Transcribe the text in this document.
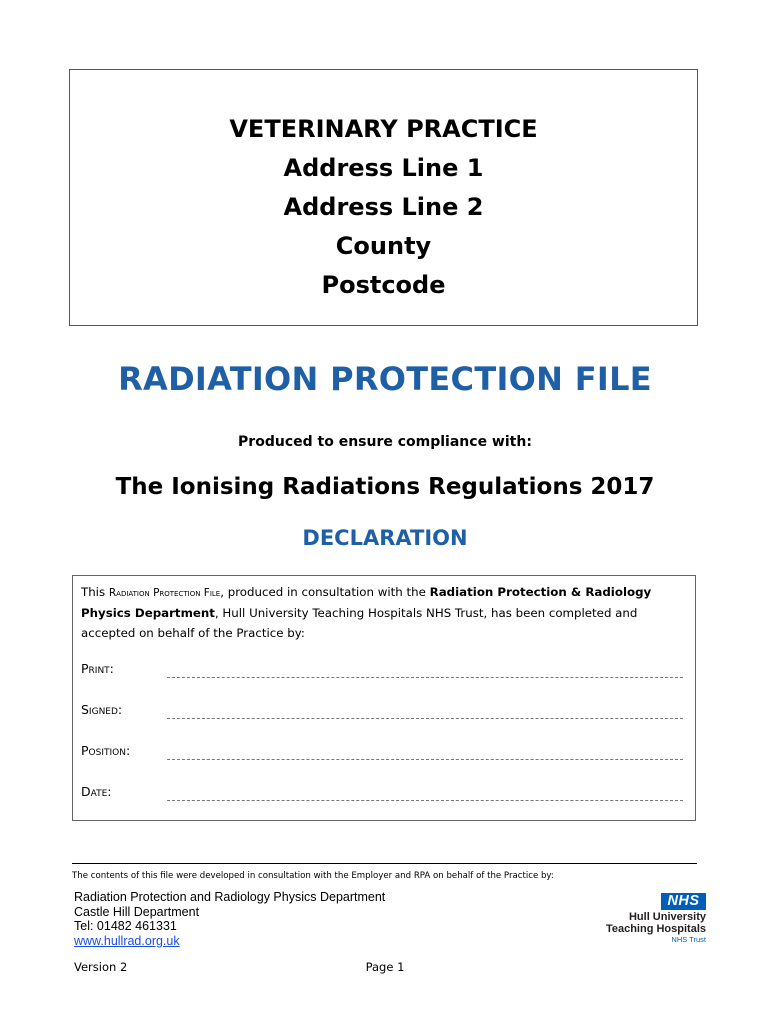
VETERINARY PRACTICE
Address Line 1
Address Line 2
County
Postcode
RADIATION PROTECTION FILE
Produced to ensure compliance with:
The Ionising Radiations Regulations 2017
DECLARATION
This Radiation Protection File, produced in consultation with the Radiation Protection & Radiology Physics Department, Hull University Teaching Hospitals NHS Trust, has been completed and accepted on behalf of the Practice by:
Print:
Signed:
Position:
Date:
The contents of this file were developed in consultation with the Employer and RPA on behalf of the Practice by:
Radiation Protection and Radiology Physics Department
Castle Hill Department
Tel: 01482 461331
www.hullrad.org.uk
NHS
Hull University
Teaching Hospitals
NHS Trust
Version 2	Page 1
